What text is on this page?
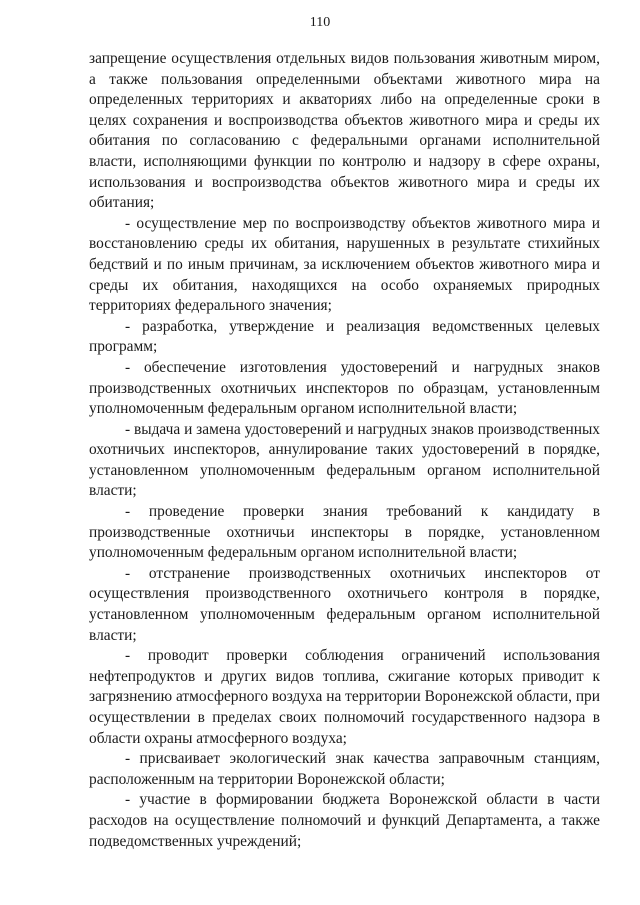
110

запрещение осуществления отдельных видов пользования животным миром, а также пользования определенными объектами животного мира на определенных территориях и акваториях либо на определенные сроки в целях сохранения и воспроизводства объектов животного мира и среды их обитания по согласованию с федеральными органами исполнительной власти, исполняющими функции по контролю и надзору в сфере охраны, использования и воспроизводства объектов животного мира и среды их обитания;

- осуществление мер по воспроизводству объектов животного мира и восстановлению среды их обитания, нарушенных в результате стихийных бедствий и по иным причинам, за исключением объектов животного мира и среды их обитания, находящихся на особо охраняемых природных территориях федерального значения;

- разработка, утверждение и реализация ведомственных целевых программ;

- обеспечение изготовления удостоверений и нагрудных знаков производственных охотничьих инспекторов по образцам, установленным уполномоченным федеральным органом исполнительной власти;

- выдача и замена удостоверений и нагрудных знаков производственных охотничьих инспекторов, аннулирование таких удостоверений в порядке, установленном уполномоченным федеральным органом исполнительной власти;

- проведение проверки знания требований к кандидату в производственные охотничьи инспекторы в порядке, установленном уполномоченным федеральным органом исполнительной власти;

- отстранение производственных охотничьих инспекторов от осуществления производственного охотничьего контроля в порядке, установленном уполномоченным федеральным органом исполнительной власти;

- проводит проверки соблюдения ограничений использования нефтепродуктов и других видов топлива, сжигание которых приводит к загрязнению атмосферного воздуха на территории Воронежской области, при осуществлении в пределах своих полномочий государственного надзора в области охраны атмосферного воздуха;

- присваивает экологический знак качества заправочным станциям, расположенным на территории Воронежской области;

- участие в формировании бюджета Воронежской области в части расходов на осуществление полномочий и функций Департамента, а также подведомственных учреждений;
